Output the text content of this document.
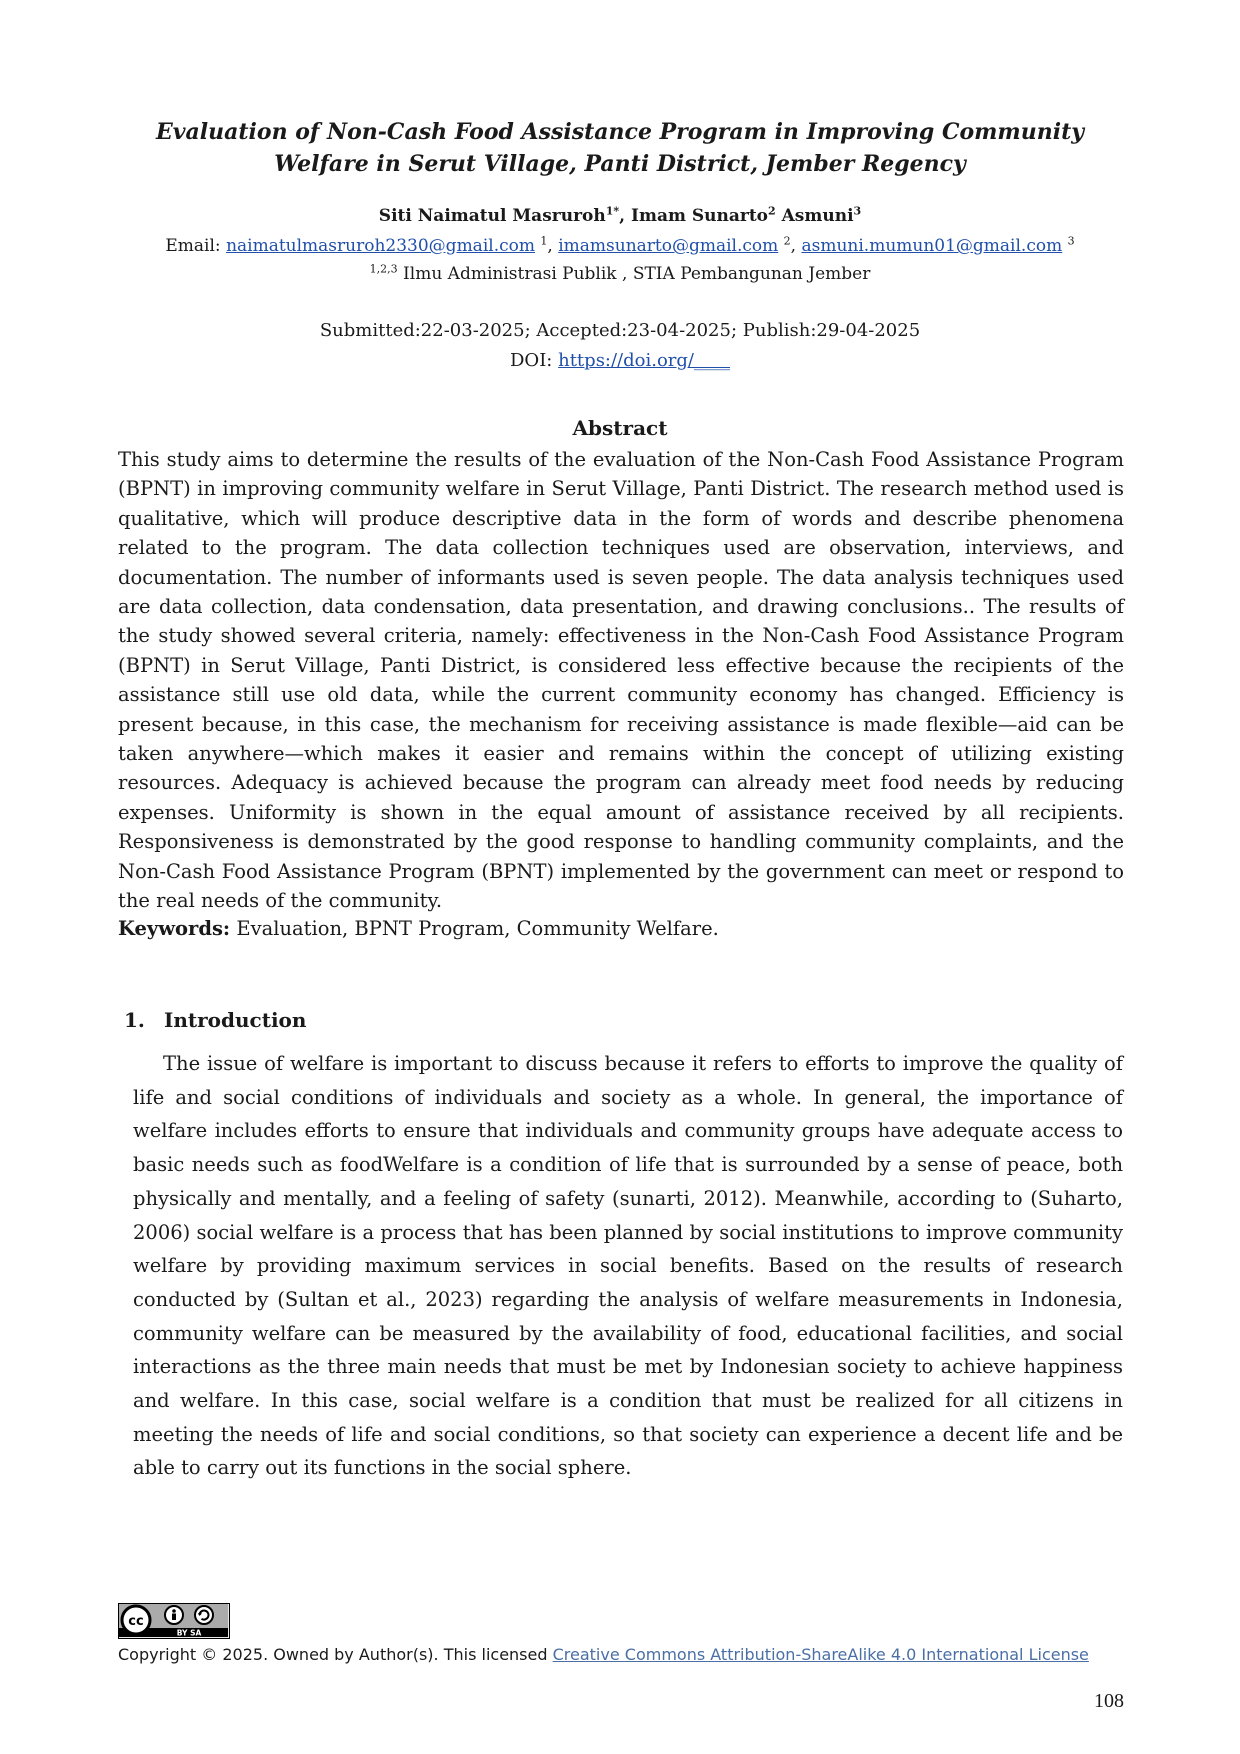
Evaluation of Non-Cash Food Assistance Program in Improving Community Welfare in Serut Village, Panti District, Jember Regency
Siti Naimatul Masruroh$^{1*}$, Imam Sunarto$^2$ Asmuni$^3$
Email: naimatulmasruroh2330@gmail.com $^1$, imamsunarto@gmail.com $^2$, asmuni.mumun01@gmail.com $^3$
$^{1,2,3}$ Ilmu Administrasi Publik , STIA Pembangunan Jember
Submitted:22-03-2025; Accepted:23-04-2025; Publish:29-04-2025
DOI: https://doi.org/____
Abstract

This study aims to determine the results of the evaluation of the Non-Cash Food Assistance Program (BPNT) in improving community welfare in Serut Village, Panti District. The research method used is qualitative, which will produce descriptive data in the form of words and describe phenomena related to the program. The data collection techniques used are observation, interviews, and documentation. The number of informants used is seven people. The data analysis techniques used are data collection, data condensation, data presentation, and drawing conclusions.. The results of the study showed several criteria, namely: effectiveness in the Non-Cash Food Assistance Program (BPNT) in Serut Village, Panti District, is considered less effective because the recipients of the assistance still use old data, while the current community economy has changed. Efficiency is present because, in this case, the mechanism for receiving assistance is made flexible—aid can be taken anywhere—which makes it easier and remains within the concept of utilizing existing resources. Adequacy is achieved because the program can already meet food needs by reducing expenses. Uniformity is shown in the equal amount of assistance received by all recipients. Responsiveness is demonstrated by the good response to handling community complaints, and the Non-Cash Food Assistance Program (BPNT) implemented by the government can meet or respond to the real needs of the community.

Keywords: Evaluation, BPNT Program, Community Welfare.

1. Introduction

The issue of welfare is important to discuss because it refers to efforts to improve the quality of life and social conditions of individuals and society as a whole. In general, the importance of welfare includes efforts to ensure that individuals and community groups have adequate access to basic needs such as foodWelfare is a condition of life that is surrounded by a sense of peace, both physically and mentally, and a feeling of safety (sunarti, 2012). Meanwhile, according to (Suharto, 2006) social welfare is a process that has been planned by social institutions to improve community welfare by providing maximum services in social benefits. Based on the results of research conducted by (Sultan et al., 2023) regarding the analysis of welfare measurements in Indonesia, community welfare can be measured by the availability of food, educational facilities, and social interactions as the three main needs that must be met by Indonesian society to achieve happiness and welfare. In this case, social welfare is a condition that must be realized for all citizens in meeting the needs of life and social conditions, so that society can experience a decent life and be able to carry out its functions in the social sphere.

cc
BY SA
Copyright © 2025. Owned by Author(s). This licensed Creative Commons Attribution-ShareAlike 4.0 International License
108
